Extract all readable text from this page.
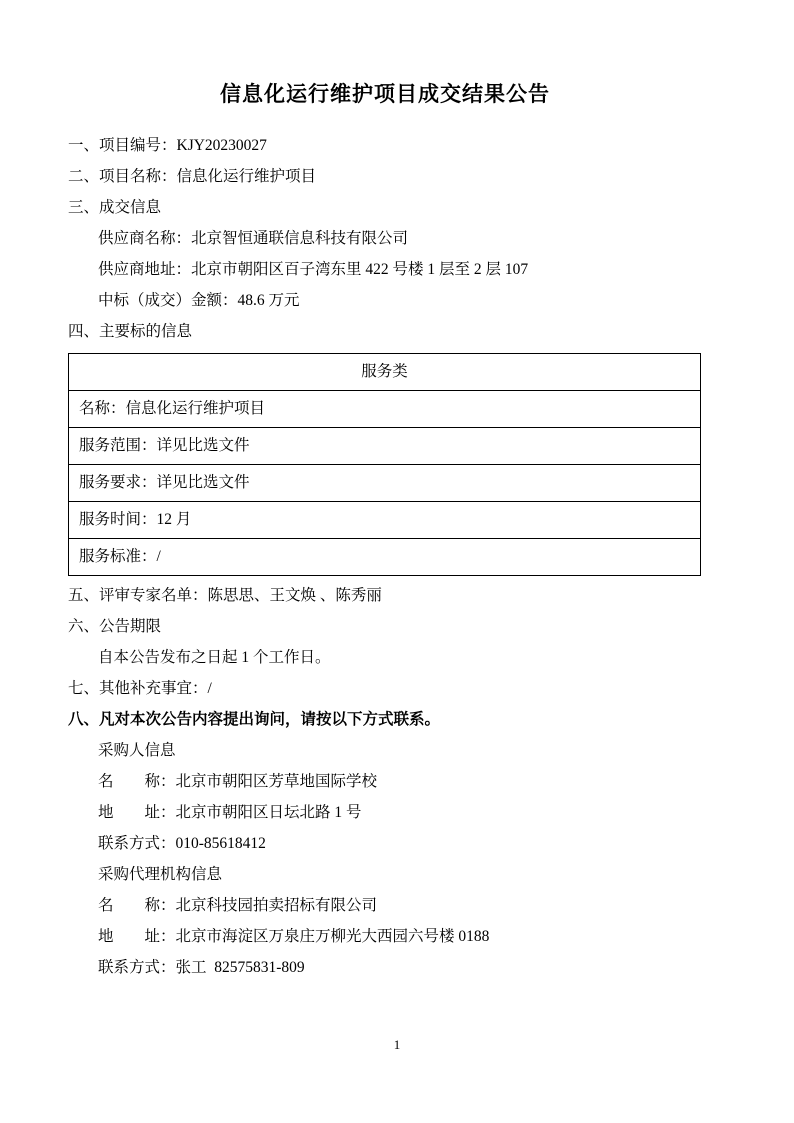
信息化运行维护项目成交结果公告

一、项目编号：KJY20230027

二、项目名称：信息化运行维护项目

三、成交信息

供应商名称：北京智恒通联信息科技有限公司

供应商地址：北京市朝阳区百子湾东里 422 号楼 1 层至 2 层 107

中标（成交）金额：48.6 万元

四、主要标的信息

服务类
名称：信息化运行维护项目
服务范围：详见比选文件
服务要求：详见比选文件
服务时间：12 月
服务标准：/

五、评审专家名单：陈思思、王文焕 、陈秀丽

六、公告期限

自本公告发布之日起 1 个工作日。

七、其他补充事宜：/

八、凡对本次公告内容提出询问，请按以下方式联系。

采购人信息

名        称：北京市朝阳区芳草地国际学校

地        址：北京市朝阳区日坛北路 1 号

联系方式：010-85618412

采购代理机构信息

名        称：北京科技园拍卖招标有限公司

地        址：北京市海淀区万泉庄万柳光大西园六号楼 0188

联系方式：张工  82575831-809

1
